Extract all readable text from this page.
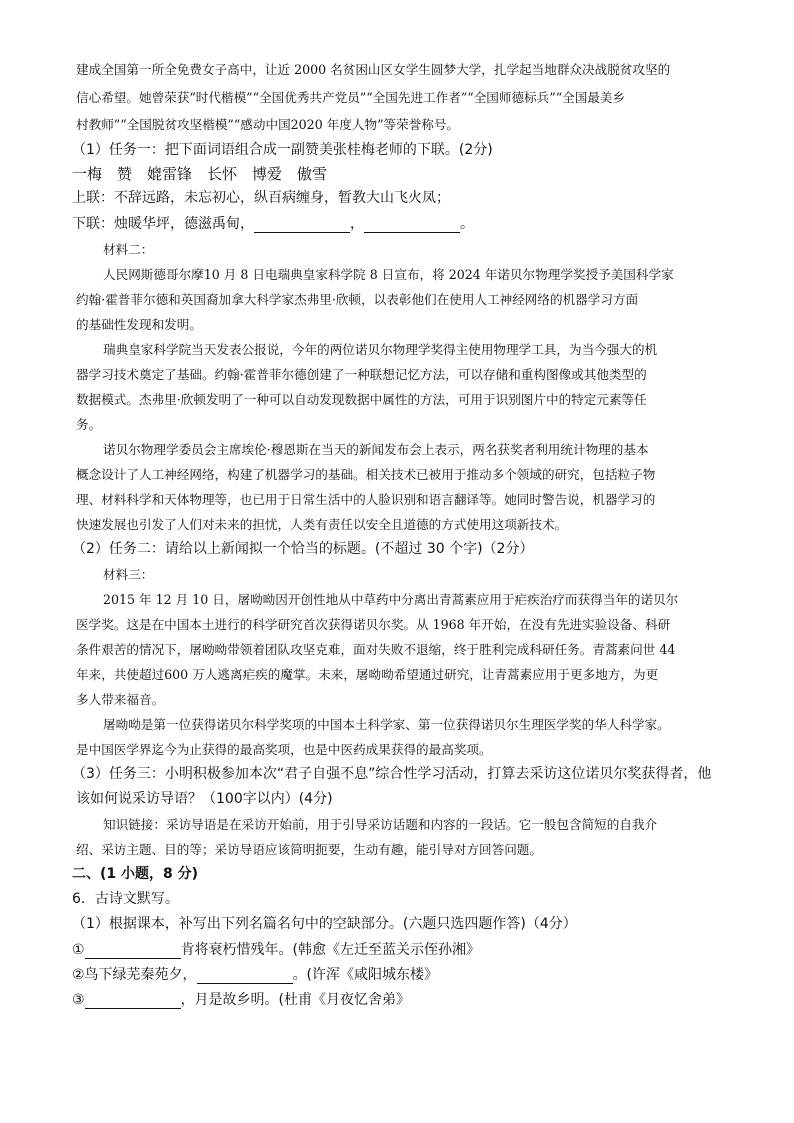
建成全国第一所全免费女子高中，让近 2000 名贫困山区女学生圆梦大学，扎学起当地群众决战脱贫攻坚的
信心希望。她曾荣获“时代楷模”“全国优秀共产党员”“全国先进工作者”“全国师德标兵”“全国最美乡
村教师”“全国脱贫攻坚楷模”“感动中国2020 年度人物”等荣誉称号。
（1）任务一：把下面词语组合成一副赞美张桂梅老师的下联。(2分)
一梅　赞　媲雷锋　长怀　博爱　傲雪
上联：不辞远路，未忘初心，纵百病缠身，暂教大山飞火凤；
下联：烛暖华坪，德滋禹甸，	，	。
材料二：
人民网斯德哥尔摩10 月 8 日电瑞典皇家科学院 8 日宣布，将 2024 年诺贝尔物理学奖授予美国科学家
约翰·霍普菲尔德和英国裔加拿大科学家杰弗里·欣顿，以表彰他们在使用人工神经网络的机器学习方面
的基础性发现和发明。
瑞典皇家科学院当天发表公报说，今年的两位诺贝尔物理学奖得主使用物理学工具，为当今强大的机
器学习技术奠定了基础。约翰·霍普菲尔德创建了一种联想记忆方法，可以存储和重构图像或其他类型的
数据模式。杰弗里·欣顿发明了一种可以自动发现数据中属性的方法，可用于识别图片中的特定元素等任
务。
诺贝尔物理学委员会主席埃伦·穆恩斯在当天的新闻发布会上表示，两名获奖者利用统计物理的基本
概念设计了人工神经网络，构建了机器学习的基础。相关技术已被用于推动多个领域的研究，包括粒子物
理、材料科学和天体物理等，也已用于日常生活中的人脸识别和语言翻译等。她同时警告说，机器学习的
快速发展也引发了人们对未来的担忧，人类有责任以安全且道德的方式使用这项新技术。
（2）任务二：请给以上新闻拟一个恰当的标题。(不超过 30 个字)（2分）
材料三：
2015 年 12 月 10 日，屠呦呦因开创性地从中草药中分离出青蒿素应用于疟疾治疗而获得当年的诺贝尔
医学奖。这是在中国本土进行的科学研究首次获得诺贝尔奖。从 1968 年开始，在没有先进实验设备、科研
条件艰苦的情况下，屠呦呦带领着团队攻坚克难，面对失败不退缩，终于胜利完成科研任务。青蒿素问世 44
年来，共使超过600 万人逃离疟疾的魔掌。未来，屠呦呦希望通过研究，让青蒿素应用于更多地方，为更
多人带来福音。
屠呦呦是第一位获得诺贝尔科学奖项的中国本土科学家、第一位获得诺贝尔生理医学奖的华人科学家。
是中国医学界迄今为止获得的最高奖项，也是中医药成果获得的最高奖项。
（3）任务三：小明积极参加本次“君子自强不息”综合性学习活动，打算去采访这位诺贝尔奖获得者，他
该如何说采访导语？（100字以内）(4分)
知识链接：采访导语是在采访开始前，用于引导采访话题和内容的一段话。它一般包含简短的自我介
绍、采访主题、目的等；采访导语应该简明扼要，生动有趣，能引导对方回答问题。
二、(1 小题，8 分)
6．古诗文默写。
（1）根据课本，补写出下列名篇名句中的空缺部分。(六题只选四题作答)（4分）
①	肯将衰朽惜残年。(韩愈《左迁至蓝关示侄孙湘》
②鸟下绿芜秦苑夕，	。(许浑《咸阳城东楼》
③	，月是故乡明。(杜甫《月夜忆舍弟》
